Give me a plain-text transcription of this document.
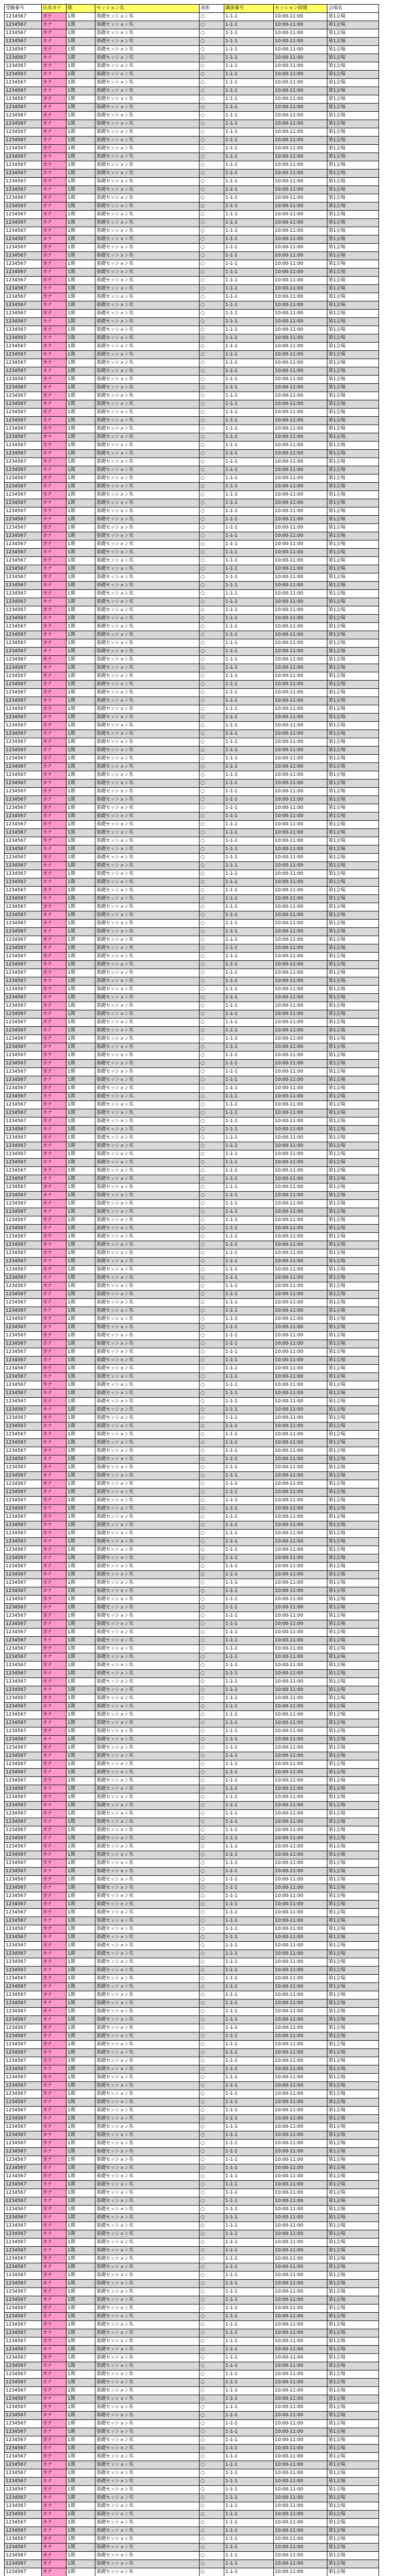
受験番号	氏名カナ	期	セッション名	表彰	講演番号	セッション時間	会場名
1234567	カナ	1期	基礎セッション名	○	1-1-1	10:00-11:00	第1会場
1234567	カナ	1期	基礎セッション名	○	1-1-1	10:00-11:00	第1会場
1234567	カナ	1期	基礎セッション名	○	1-1-1	10:00-11:00	第1会場
1234567	カナ	1期	基礎セッション名	○	1-1-1	10:00-11:00	第1会場
1234567	カナ	1期	基礎セッション名	○	1-1-1	10:00-11:00	第1会場
1234567	カナ	1期	基礎セッション名	○	1-1-1	10:00-11:00	第1会場
1234567	カナ	1期	基礎セッション名	○	1-1-1	10:00-11:00	第1会場
1234567	カナ	1期	基礎セッション名	○	1-1-1	10:00-11:00	第1会場
1234567	カナ	1期	基礎セッション名	○	1-1-1	10:00-11:00	第1会場
1234567	カナ	1期	基礎セッション名	○	1-1-1	10:00-11:00	第1会場
1234567	カナ	1期	基礎セッション名	○	1-1-1	10:00-11:00	第1会場
1234567	カナ	1期	基礎セッション名	○	1-1-1	10:00-11:00	第1会場
1234567	カナ	1期	基礎セッション名	○	1-1-1	10:00-11:00	第1会場
1234567	カナ	1期	基礎セッション名	○	1-1-1	10:00-11:00	第1会場
1234567	カナ	1期	基礎セッション名	○	1-1-1	10:00-11:00	第1会場
1234567	カナ	1期	基礎セッション名	○	1-1-1	10:00-11:00	第1会場
1234567	カナ	1期	基礎セッション名	○	1-1-1	10:00-11:00	第1会場
1234567	カナ	1期	基礎セッション名	○	1-1-1	10:00-11:00	第1会場
1234567	カナ	1期	基礎セッション名	○	1-1-1	10:00-11:00	第1会場
1234567	カナ	1期	基礎セッション名	○	1-1-1	10:00-11:00	第1会場
1234567	カナ	1期	基礎セッション名	○	1-1-1	10:00-11:00	第1会場
1234567	カナ	1期	基礎セッション名	○	1-1-1	10:00-11:00	第1会場
1234567	カナ	1期	基礎セッション名	○	1-1-1	10:00-11:00	第1会場
1234567	カナ	1期	基礎セッション名	○	1-1-1	10:00-11:00	第1会場
1234567	カナ	1期	基礎セッション名	○	1-1-1	10:00-11:00	第1会場
1234567	カナ	1期	基礎セッション名	○	1-1-1	10:00-11:00	第1会場
1234567	カナ	1期	基礎セッション名	○	1-1-1	10:00-11:00	第1会場
1234567	カナ	1期	基礎セッション名	○	1-1-1	10:00-11:00	第1会場
1234567	カナ	1期	基礎セッション名	○	1-1-1	10:00-11:00	第1会場
1234567	カナ	1期	基礎セッション名	○	1-1-1	10:00-11:00	第1会場
1234567	カナ	1期	基礎セッション名	○	1-1-1	10:00-11:00	第1会場
1234567	カナ	1期	基礎セッション名	○	1-1-1	10:00-11:00	第1会場
1234567	カナ	1期	基礎セッション名	○	1-1-1	10:00-11:00	第1会場
1234567	カナ	1期	基礎セッション名	○	1-1-1	10:00-11:00	第1会場
1234567	カナ	1期	基礎セッション名	○	1-1-1	10:00-11:00	第1会場
1234567	カナ	1期	基礎セッション名	○	1-1-1	10:00-11:00	第1会場
1234567	カナ	1期	基礎セッション名	○	1-1-1	10:00-11:00	第1会場
1234567	カナ	1期	基礎セッション名	○	1-1-1	10:00-11:00	第1会場
1234567	カナ	1期	基礎セッション名	○	1-1-1	10:00-11:00	第1会場
1234567	カナ	1期	基礎セッション名	○	1-1-1	10:00-11:00	第1会場
1234567	カナ	1期	基礎セッション名	○	1-1-1	10:00-11:00	第1会場
1234567	カナ	1期	基礎セッション名	○	1-1-1	10:00-11:00	第1会場
1234567	カナ	1期	基礎セッション名	○	1-1-1	10:00-11:00	第1会場
1234567	カナ	1期	基礎セッション名	○	1-1-1	10:00-11:00	第1会場
1234567	カナ	1期	基礎セッション名	○	1-1-1	10:00-11:00	第1会場
1234567	カナ	1期	基礎セッション名	○	1-1-1	10:00-11:00	第1会場
1234567	カナ	1期	基礎セッション名	○	1-1-1	10:00-11:00	第1会場
1234567	カナ	1期	基礎セッション名	○	1-1-1	10:00-11:00	第1会場
1234567	カナ	1期	基礎セッション名	○	1-1-1	10:00-11:00	第1会場
1234567	カナ	1期	基礎セッション名	○	1-1-1	10:00-11:00	第1会場
1234567	カナ	1期	基礎セッション名	○	1-1-1	10:00-11:00	第1会場
1234567	カナ	1期	基礎セッション名	○	1-1-1	10:00-11:00	第1会場
1234567	カナ	1期	基礎セッション名	○	1-1-1	10:00-11:00	第1会場
1234567	カナ	1期	基礎セッション名	○	1-1-1	10:00-11:00	第1会場
1234567	カナ	1期	基礎セッション名	○	1-1-1	10:00-11:00	第1会場
1234567	カナ	1期	基礎セッション名	○	1-1-1	10:00-11:00	第1会場
1234567	カナ	1期	基礎セッション名	○	1-1-1	10:00-11:00	第1会場
1234567	カナ	1期	基礎セッション名	○	1-1-1	10:00-11:00	第1会場
1234567	カナ	1期	基礎セッション名	○	1-1-1	10:00-11:00	第1会場
1234567	カナ	1期	基礎セッション名	○	1-1-1	10:00-11:00	第1会場
1234567	カナ	1期	基礎セッション名	○	1-1-1	10:00-11:00	第1会場
1234567	カナ	1期	基礎セッション名	○	1-1-1	10:00-11:00	第1会場
1234567	カナ	1期	基礎セッション名	○	1-1-1	10:00-11:00	第1会場
1234567	カナ	1期	基礎セッション名	○	1-1-1	10:00-11:00	第1会場
1234567	カナ	1期	基礎セッション名	○	1-1-1	10:00-11:00	第1会場
1234567	カナ	1期	基礎セッション名	○	1-1-1	10:00-11:00	第1会場
1234567	カナ	1期	基礎セッション名	○	1-1-1	10:00-11:00	第1会場
1234567	カナ	1期	基礎セッション名	○	1-1-1	10:00-11:00	第1会場
1234567	カナ	1期	基礎セッション名	○	1-1-1	10:00-11:00	第1会場
1234567	カナ	1期	基礎セッション名	○	1-1-1	10:00-11:00	第1会場
1234567	カナ	1期	基礎セッション名	○	1-1-1	10:00-11:00	第1会場
1234567	カナ	1期	基礎セッション名	○	1-1-1	10:00-11:00	第1会場
1234567	カナ	1期	基礎セッション名	○	1-1-1	10:00-11:00	第1会場
1234567	カナ	1期	基礎セッション名	○	1-1-1	10:00-11:00	第1会場
1234567	カナ	1期	基礎セッション名	○	1-1-1	10:00-11:00	第1会場
1234567	カナ	1期	基礎セッション名	○	1-1-1	10:00-11:00	第1会場
1234567	カナ	1期	基礎セッション名	○	1-1-1	10:00-11:00	第1会場
1234567	カナ	1期	基礎セッション名	○	1-1-1	10:00-11:00	第1会場
1234567	カナ	1期	基礎セッション名	○	1-1-1	10:00-11:00	第1会場
1234567	カナ	1期	基礎セッション名	○	1-1-1	10:00-11:00	第1会場
1234567	カナ	1期	基礎セッション名	○	1-1-1	10:00-11:00	第1会場
1234567	カナ	1期	基礎セッション名	○	1-1-1	10:00-11:00	第1会場
1234567	カナ	1期	基礎セッション名	○	1-1-1	10:00-11:00	第1会場
1234567	カナ	1期	基礎セッション名	○	1-1-1	10:00-11:00	第1会場
1234567	カナ	1期	基礎セッション名	○	1-1-1	10:00-11:00	第1会場
1234567	カナ	1期	基礎セッション名	○	1-1-1	10:00-11:00	第1会場
1234567	カナ	1期	基礎セッション名	○	1-1-1	10:00-11:00	第1会場
1234567	カナ	1期	基礎セッション名	○	1-1-1	10:00-11:00	第1会場
1234567	カナ	1期	基礎セッション名	○	1-1-1	10:00-11:00	第1会場
1234567	カナ	1期	基礎セッション名	○	1-1-1	10:00-11:00	第1会場
1234567	カナ	1期	基礎セッション名	○	1-1-1	10:00-11:00	第1会場
1234567	カナ	1期	基礎セッション名	○	1-1-1	10:00-11:00	第1会場
1234567	カナ	1期	基礎セッション名	○	1-1-1	10:00-11:00	第1会場
1234567	カナ	1期	基礎セッション名	○	1-1-1	10:00-11:00	第1会場
1234567	カナ	1期	基礎セッション名	○	1-1-1	10:00-11:00	第1会場
1234567	カナ	1期	基礎セッション名	○	1-1-1	10:00-11:00	第1会場
1234567	カナ	1期	基礎セッション名	○	1-1-1	10:00-11:00	第1会場
1234567	カナ	1期	基礎セッション名	○	1-1-1	10:00-11:00	第1会場
1234567	カナ	1期	基礎セッション名	○	1-1-1	10:00-11:00	第1会場
1234567	カナ	1期	基礎セッション名	○	1-1-1	10:00-11:00	第1会場
1234567	カナ	1期	基礎セッション名	○	1-1-1	10:00-11:00	第1会場
1234567	カナ	1期	基礎セッション名	○	1-1-1	10:00-11:00	第1会場
1234567	カナ	1期	基礎セッション名	○	1-1-1	10:00-11:00	第1会場
1234567	カナ	1期	基礎セッション名	○	1-1-1	10:00-11:00	第1会場
1234567	カナ	1期	基礎セッション名	○	1-1-1	10:00-11:00	第1会場
1234567	カナ	1期	基礎セッション名	○	1-1-1	10:00-11:00	第1会場
1234567	カナ	1期	基礎セッション名	○	1-1-1	10:00-11:00	第1会場
1234567	カナ	1期	基礎セッション名	○	1-1-1	10:00-11:00	第1会場
1234567	カナ	1期	基礎セッション名	○	1-1-1	10:00-11:00	第1会場
1234567	カナ	1期	基礎セッション名	○	1-1-1	10:00-11:00	第1会場
1234567	カナ	1期	基礎セッション名	○	1-1-1	10:00-11:00	第1会場
1234567	カナ	1期	基礎セッション名	○	1-1-1	10:00-11:00	第1会場
1234567	カナ	1期	基礎セッション名	○	1-1-1	10:00-11:00	第1会場
1234567	カナ	1期	基礎セッション名	○	1-1-1	10:00-11:00	第1会場
1234567	カナ	1期	基礎セッション名	○	1-1-1	10:00-11:00	第1会場
1234567	カナ	1期	基礎セッション名	○	1-1-1	10:00-11:00	第1会場
1234567	カナ	1期	基礎セッション名	○	1-1-1	10:00-11:00	第1会場
1234567	カナ	1期	基礎セッション名	○	1-1-1	10:00-11:00	第1会場
1234567	カナ	1期	基礎セッション名	○	1-1-1	10:00-11:00	第1会場
1234567	カナ	1期	基礎セッション名	○	1-1-1	10:00-11:00	第1会場
1234567	カナ	1期	基礎セッション名	○	1-1-1	10:00-11:00	第1会場
1234567	カナ	1期	基礎セッション名	○	1-1-1	10:00-11:00	第1会場
1234567	カナ	1期	基礎セッション名	○	1-1-1	10:00-11:00	第1会場
1234567	カナ	1期	基礎セッション名	○	1-1-1	10:00-11:00	第1会場
1234567	カナ	1期	基礎セッション名	○	1-1-1	10:00-11:00	第1会場
1234567	カナ	1期	基礎セッション名	○	1-1-1	10:00-11:00	第1会場
1234567	カナ	1期	基礎セッション名	○	1-1-1	10:00-11:00	第1会場
1234567	カナ	1期	基礎セッション名	○	1-1-1	10:00-11:00	第1会場
1234567	カナ	1期	基礎セッション名	○	1-1-1	10:00-11:00	第1会場
1234567	カナ	1期	基礎セッション名	○	1-1-1	10:00-11:00	第1会場
1234567	カナ	1期	基礎セッション名	○	1-1-1	10:00-11:00	第1会場
1234567	カナ	1期	基礎セッション名	○	1-1-1	10:00-11:00	第1会場
1234567	カナ	1期	基礎セッション名	○	1-1-1	10:00-11:00	第1会場
1234567	カナ	1期	基礎セッション名	○	1-1-1	10:00-11:00	第1会場
1234567	カナ	1期	基礎セッション名	○	1-1-1	10:00-11:00	第1会場
1234567	カナ	1期	基礎セッション名	○	1-1-1	10:00-11:00	第1会場
1234567	カナ	1期	基礎セッション名	○	1-1-1	10:00-11:00	第1会場
1234567	カナ	1期	基礎セッション名	○	1-1-1	10:00-11:00	第1会場
1234567	カナ	1期	基礎セッション名	○	1-1-1	10:00-11:00	第1会場
1234567	カナ	1期	基礎セッション名	○	1-1-1	10:00-11:00	第1会場
1234567	カナ	1期	基礎セッション名	○	1-1-1	10:00-11:00	第1会場
1234567	カナ	1期	基礎セッション名	○	1-1-1	10:00-11:00	第1会場
1234567	カナ	1期	基礎セッション名	○	1-1-1	10:00-11:00	第1会場
1234567	カナ	1期	基礎セッション名	○	1-1-1	10:00-11:00	第1会場
1234567	カナ	1期	基礎セッション名	○	1-1-1	10:00-11:00	第1会場
1234567	カナ	1期	基礎セッション名	○	1-1-1	10:00-11:00	第1会場
1234567	カナ	1期	基礎セッション名	○	1-1-1	10:00-11:00	第1会場
1234567	カナ	1期	基礎セッション名	○	1-1-1	10:00-11:00	第1会場
1234567	カナ	1期	基礎セッション名	○	1-1-1	10:00-11:00	第1会場
1234567	カナ	1期	基礎セッション名	○	1-1-1	10:00-11:00	第1会場
1234567	カナ	1期	基礎セッション名	○	1-1-1	10:00-11:00	第1会場
1234567	カナ	1期	基礎セッション名	○	1-1-1	10:00-11:00	第1会場
1234567	カナ	1期	基礎セッション名	○	1-1-1	10:00-11:00	第1会場
1234567	カナ	1期	基礎セッション名	○	1-1-1	10:00-11:00	第1会場
1234567	カナ	1期	基礎セッション名	○	1-1-1	10:00-11:00	第1会場
1234567	カナ	1期	基礎セッション名	○	1-1-1	10:00-11:00	第1会場
1234567	カナ	1期	基礎セッション名	○	1-1-1	10:00-11:00	第1会場
1234567	カナ	1期	基礎セッション名	○	1-1-1	10:00-11:00	第1会場
1234567	カナ	1期	基礎セッション名	○	1-1-1	10:00-11:00	第1会場
1234567	カナ	1期	基礎セッション名	○	1-1-1	10:00-11:00	第1会場
1234567	カナ	1期	基礎セッション名	○	1-1-1	10:00-11:00	第1会場
1234567	カナ	1期	基礎セッション名	○	1-1-1	10:00-11:00	第1会場
1234567	カナ	1期	基礎セッション名	○	1-1-1	10:00-11:00	第1会場
1234567	カナ	1期	基礎セッション名	○	1-1-1	10:00-11:00	第1会場
1234567	カナ	1期	基礎セッション名	○	1-1-1	10:00-11:00	第1会場
1234567	カナ	1期	基礎セッション名	○	1-1-1	10:00-11:00	第1会場
1234567	カナ	1期	基礎セッション名	○	1-1-1	10:00-11:00	第1会場
1234567	カナ	1期	基礎セッション名	○	1-1-1	10:00-11:00	第1会場
1234567	カナ	1期	基礎セッション名	○	1-1-1	10:00-11:00	第1会場
1234567	カナ	1期	基礎セッション名	○	1-1-1	10:00-11:00	第1会場
1234567	カナ	1期	基礎セッション名	○	1-1-1	10:00-11:00	第1会場
1234567	カナ	1期	基礎セッション名	○	1-1-1	10:00-11:00	第1会場
1234567	カナ	1期	基礎セッション名	○	1-1-1	10:00-11:00	第1会場
1234567	カナ	1期	基礎セッション名	○	1-1-1	10:00-11:00	第1会場
1234567	カナ	1期	基礎セッション名	○	1-1-1	10:00-11:00	第1会場
1234567	カナ	1期	基礎セッション名	○	1-1-1	10:00-11:00	第1会場
1234567	カナ	1期	基礎セッション名	○	1-1-1	10:00-11:00	第1会場
1234567	カナ	1期	基礎セッション名	○	1-1-1	10:00-11:00	第1会場
1234567	カナ	1期	基礎セッション名	○	1-1-1	10:00-11:00	第1会場
1234567	カナ	1期	基礎セッション名	○	1-1-1	10:00-11:00	第1会場
1234567	カナ	1期	基礎セッション名	○	1-1-1	10:00-11:00	第1会場
1234567	カナ	1期	基礎セッション名	○	1-1-1	10:00-11:00	第1会場
1234567	カナ	1期	基礎セッション名	○	1-1-1	10:00-11:00	第1会場
1234567	カナ	1期	基礎セッション名	○	1-1-1	10:00-11:00	第1会場
1234567	カナ	1期	基礎セッション名	○	1-1-1	10:00-11:00	第1会場
1234567	カナ	1期	基礎セッション名	○	1-1-1	10:00-11:00	第1会場
1234567	カナ	1期	基礎セッション名	○	1-1-1	10:00-11:00	第1会場
1234567	カナ	1期	基礎セッション名	○	1-1-1	10:00-11:00	第1会場
1234567	カナ	1期	基礎セッション名	○	1-1-1	10:00-11:00	第1会場
1234567	カナ	1期	基礎セッション名	○	1-1-1	10:00-11:00	第1会場
1234567	カナ	1期	基礎セッション名	○	1-1-1	10:00-11:00	第1会場
1234567	カナ	1期	基礎セッション名	○	1-1-1	10:00-11:00	第1会場
1234567	カナ	1期	基礎セッション名	○	1-1-1	10:00-11:00	第1会場
1234567	カナ	1期	基礎セッション名	○	1-1-1	10:00-11:00	第1会場
1234567	カナ	1期	基礎セッション名	○	1-1-1	10:00-11:00	第1会場
1234567	カナ	1期	基礎セッション名	○	1-1-1	10:00-11:00	第1会場
1234567	カナ	1期	基礎セッション名	○	1-1-1	10:00-11:00	第1会場
1234567	カナ	1期	基礎セッション名	○	1-1-1	10:00-11:00	第1会場
1234567	カナ	1期	基礎セッション名	○	1-1-1	10:00-11:00	第1会場
1234567	カナ	1期	基礎セッション名	○	1-1-1	10:00-11:00	第1会場
1234567	カナ	1期	基礎セッション名	○	1-1-1	10:00-11:00	第1会場
1234567	カナ	1期	基礎セッション名	○	1-1-1	10:00-11:00	第1会場
1234567	カナ	1期	基礎セッション名	○	1-1-1	10:00-11:00	第1会場
1234567	カナ	1期	基礎セッション名	○	1-1-1	10:00-11:00	第1会場
1234567	カナ	1期	基礎セッション名	○	1-1-1	10:00-11:00	第1会場
1234567	カナ	1期	基礎セッション名	○	1-1-1	10:00-11:00	第1会場
1234567	カナ	1期	基礎セッション名	○	1-1-1	10:00-11:00	第1会場
1234567	カナ	1期	基礎セッション名	○	1-1-1	10:00-11:00	第1会場
1234567	カナ	1期	基礎セッション名	○	1-1-1	10:00-11:00	第1会場
1234567	カナ	1期	基礎セッション名	○	1-1-1	10:00-11:00	第1会場
1234567	カナ	1期	基礎セッション名	○	1-1-1	10:00-11:00	第1会場
1234567	カナ	1期	基礎セッション名	○	1-1-1	10:00-11:00	第1会場
1234567	カナ	1期	基礎セッション名	○	1-1-1	10:00-11:00	第1会場
1234567	カナ	1期	基礎セッション名	○	1-1-1	10:00-11:00	第1会場
1234567	カナ	1期	基礎セッション名	○	1-1-1	10:00-11:00	第1会場
1234567	カナ	1期	基礎セッション名	○	1-1-1	10:00-11:00	第1会場
1234567	カナ	1期	基礎セッション名	○	1-1-1	10:00-11:00	第1会場
1234567	カナ	1期	基礎セッション名	○	1-1-1	10:00-11:00	第1会場
1234567	カナ	1期	基礎セッション名	○	1-1-1	10:00-11:00	第1会場
1234567	カナ	1期	基礎セッション名	○	1-1-1	10:00-11:00	第1会場
1234567	カナ	1期	基礎セッション名	○	1-1-1	10:00-11:00	第1会場
1234567	カナ	1期	基礎セッション名	○	1-1-1	10:00-11:00	第1会場
1234567	カナ	1期	基礎セッション名	○	1-1-1	10:00-11:00	第1会場
1234567	カナ	1期	基礎セッション名	○	1-1-1	10:00-11:00	第1会場
1234567	カナ	1期	基礎セッション名	○	1-1-1	10:00-11:00	第1会場
1234567	カナ	1期	基礎セッション名	○	1-1-1	10:00-11:00	第1会場
1234567	カナ	1期	基礎セッション名	○	1-1-1	10:00-11:00	第1会場
1234567	カナ	1期	基礎セッション名	○	1-1-1	10:00-11:00	第1会場
1234567	カナ	1期	基礎セッション名	○	1-1-1	10:00-11:00	第1会場
1234567	カナ	1期	基礎セッション名	○	1-1-1	10:00-11:00	第1会場
1234567	カナ	1期	基礎セッション名	○	1-1-1	10:00-11:00	第1会場
1234567	カナ	1期	基礎セッション名	○	1-1-1	10:00-11:00	第1会場
1234567	カナ	1期	基礎セッション名	○	1-1-1	10:00-11:00	第1会場
1234567	カナ	1期	基礎セッション名	○	1-1-1	10:00-11:00	第1会場
1234567	カナ	1期	基礎セッション名	○	1-1-1	10:00-11:00	第1会場
1234567	カナ	1期	基礎セッション名	○	1-1-1	10:00-11:00	第1会場
1234567	カナ	1期	基礎セッション名	○	1-1-1	10:00-11:00	第1会場
1234567	カナ	1期	基礎セッション名	○	1-1-1	10:00-11:00	第1会場
1234567	カナ	1期	基礎セッション名	○	1-1-1	10:00-11:00	第1会場
1234567	カナ	1期	基礎セッション名	○	1-1-1	10:00-11:00	第1会場
1234567	カナ	1期	基礎セッション名	○	1-1-1	10:00-11:00	第1会場
1234567	カナ	1期	基礎セッション名	○	1-1-1	10:00-11:00	第1会場
1234567	カナ	1期	基礎セッション名	○	1-1-1	10:00-11:00	第1会場
1234567	カナ	1期	基礎セッション名	○	1-1-1	10:00-11:00	第1会場
1234567	カナ	1期	基礎セッション名	○	1-1-1	10:00-11:00	第1会場
1234567	カナ	1期	基礎セッション名	○	1-1-1	10:00-11:00	第1会場
1234567	カナ	1期	基礎セッション名	○	1-1-1	10:00-11:00	第1会場
1234567	カナ	1期	基礎セッション名	○	1-1-1	10:00-11:00	第1会場
1234567	カナ	1期	基礎セッション名	○	1-1-1	10:00-11:00	第1会場
1234567	カナ	1期	基礎セッション名	○	1-1-1	10:00-11:00	第1会場
1234567	カナ	1期	基礎セッション名	○	1-1-1	10:00-11:00	第1会場
1234567	カナ	1期	基礎セッション名	○	1-1-1	10:00-11:00	第1会場
1234567	カナ	1期	基礎セッション名	○	1-1-1	10:00-11:00	第1会場
1234567	カナ	1期	基礎セッション名	○	1-1-1	10:00-11:00	第1会場
1234567	カナ	1期	基礎セッション名	○	1-1-1	10:00-11:00	第1会場
1234567	カナ	1期	基礎セッション名	○	1-1-1	10:00-11:00	第1会場
1234567	カナ	1期	基礎セッション名	○	1-1-1	10:00-11:00	第1会場
1234567	カナ	1期	基礎セッション名	○	1-1-1	10:00-11:00	第1会場
1234567	カナ	1期	基礎セッション名	○	1-1-1	10:00-11:00	第1会場
1234567	カナ	1期	基礎セッション名	○	1-1-1	10:00-11:00	第1会場
1234567	カナ	1期	基礎セッション名	○	1-1-1	10:00-11:00	第1会場
1234567	カナ	1期	基礎セッション名	○	1-1-1	10:00-11:00	第1会場
1234567	カナ	1期	基礎セッション名	○	1-1-1	10:00-11:00	第1会場
1234567	カナ	1期	基礎セッション名	○	1-1-1	10:00-11:00	第1会場
1234567	カナ	1期	基礎セッション名	○	1-1-1	10:00-11:00	第1会場
1234567	カナ	1期	基礎セッション名	○	1-1-1	10:00-11:00	第1会場
1234567	カナ	1期	基礎セッション名	○	1-1-1	10:00-11:00	第1会場
1234567	カナ	1期	基礎セッション名	○	1-1-1	10:00-11:00	第1会場
1234567	カナ	1期	基礎セッション名	○	1-1-1	10:00-11:00	第1会場
1234567	カナ	1期	基礎セッション名	○	1-1-1	10:00-11:00	第1会場
1234567	カナ	1期	基礎セッション名	○	1-1-1	10:00-11:00	第1会場
1234567	カナ	1期	基礎セッション名	○	1-1-1	10:00-11:00	第1会場
1234567	カナ	1期	基礎セッション名	○	1-1-1	10:00-11:00	第1会場
1234567	カナ	1期	基礎セッション名	○	1-1-1	10:00-11:00	第1会場
1234567	カナ	1期	基礎セッション名	○	1-1-1	10:00-11:00	第1会場
1234567	カナ	1期	基礎セッション名	○	1-1-1	10:00-11:00	第1会場
1234567	カナ	1期	基礎セッション名	○	1-1-1	10:00-11:00	第1会場
1234567	カナ	1期	基礎セッション名	○	1-1-1	10:00-11:00	第1会場
1234567	カナ	1期	基礎セッション名	○	1-1-1	10:00-11:00	第1会場
1234567	カナ	1期	基礎セッション名	○	1-1-1	10:00-11:00	第1会場
1234567	カナ	1期	基礎セッション名	○	1-1-1	10:00-11:00	第1会場
1234567	カナ	1期	基礎セッション名	○	1-1-1	10:00-11:00	第1会場
1234567	カナ	1期	基礎セッション名	○	1-1-1	10:00-11:00	第1会場
1234567	カナ	1期	基礎セッション名	○	1-1-1	10:00-11:00	第1会場
1234567	カナ	1期	基礎セッション名	○	1-1-1	10:00-11:00	第1会場
1234567	カナ	1期	基礎セッション名	○	1-1-1	10:00-11:00	第1会場
1234567	カナ	1期	基礎セッション名	○	1-1-1	10:00-11:00	第1会場
1234567	カナ	1期	基礎セッション名	○	1-1-1	10:00-11:00	第1会場
1234567	カナ	1期	基礎セッション名	○	1-1-1	10:00-11:00	第1会場
1234567	カナ	1期	基礎セッション名	○	1-1-1	10:00-11:00	第1会場
1234567	カナ	1期	基礎セッション名	○	1-1-1	10:00-11:00	第1会場
1234567	カナ	1期	基礎セッション名	○	1-1-1	10:00-11:00	第1会場
1234567	カナ	1期	基礎セッション名	○	1-1-1	10:00-11:00	第1会場
1234567	カナ	1期	基礎セッション名	○	1-1-1	10:00-11:00	第1会場
1234567	カナ	1期	基礎セッション名	○	1-1-1	10:00-11:00	第1会場
1234567	カナ	1期	基礎セッション名	○	1-1-1	10:00-11:00	第1会場
1234567	カナ	1期	基礎セッション名	○	1-1-1	10:00-11:00	第1会場
1234567	カナ	1期	基礎セッション名	○	1-1-1	10:00-11:00	第1会場
1234567	カナ	1期	基礎セッション名	○	1-1-1	10:00-11:00	第1会場
1234567	カナ	1期	基礎セッション名	○	1-1-1	10:00-11:00	第1会場
1234567	カナ	1期	基礎セッション名	○	1-1-1	10:00-11:00	第1会場
1234567	カナ	1期	基礎セッション名	○	1-1-1	10:00-11:00	第1会場
1234567	カナ	1期	基礎セッション名	○	1-1-1	10:00-11:00	第1会場
1234567	カナ	1期	基礎セッション名	○	1-1-1	10:00-11:00	第1会場
1234567	カナ	1期	基礎セッション名	○	1-1-1	10:00-11:00	第1会場
1234567	カナ	1期	基礎セッション名	○	1-1-1	10:00-11:00	第1会場
1234567	カナ	1期	基礎セッション名	○	1-1-1	10:00-11:00	第1会場
1234567	カナ	1期	基礎セッション名	○	1-1-1	10:00-11:00	第1会場
1234567	カナ	1期	基礎セッション名	○	1-1-1	10:00-11:00	第1会場
1234567	カナ	1期	基礎セッション名	○	1-1-1	10:00-11:00	第1会場
1234567	カナ	1期	基礎セッション名	○	1-1-1	10:00-11:00	第1会場
